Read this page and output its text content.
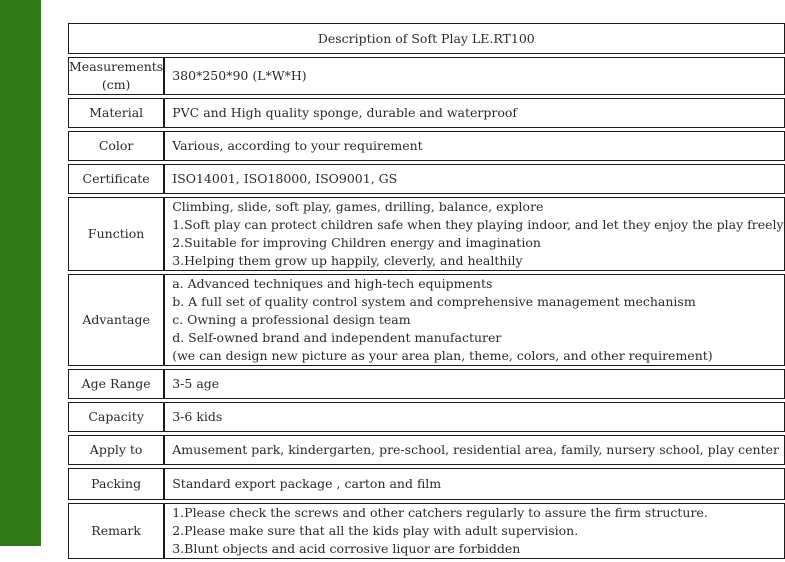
Description of Soft Play LE.RT100	
Measurements (cm)		380*250*90 (L*W*H)

Material		PVC and High quality sponge, durable and waterproof

Color		Various, according to your requirement

Certificate		ISO14001, ISO18000, ISO9001, GS

Function		Climbing, slide, soft play, games, drilling, balance, explore
1.Soft play can protect children safe when they playing indoor, and let they enjoy the play freely
2.Suitable for improving Children energy and imagination
3.Helping them grow up happily, cleverly, and healthily

Advantage		a. Advanced techniques and high-tech equipments
b. A full set of quality control system and comprehensive management mechanism
c. Owning a professional design team
d. Self-owned brand and independent manufacturer
(we can design new picture as your area plan, theme, colors, and other requirement)

Age Range		3-5 age

Capacity		3-6 kids

Apply to		Amusement park, kindergarten, pre-school, residential area, family, nursery school, play center

Packing		Standard export package , carton and film

Remark		1.Please check the screws and other catchers regularly to assure the firm structure.
2.Please make sure that all the kids play with adult supervision.
3.Blunt objects and acid corrosive liquor are forbidden
